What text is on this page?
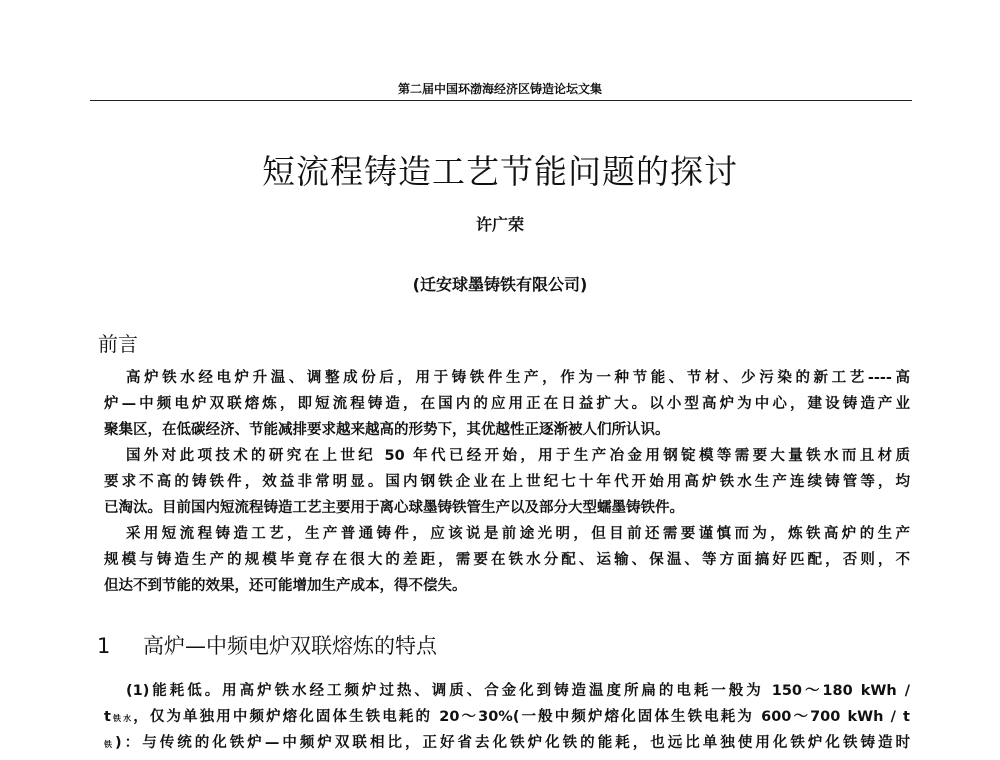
第二届中国环渤海经济区铸造论坛文集
短流程铸造工艺节能问题的探讨
许广荣
(迁安球墨铸铁有限公司)
前言
高炉铁水经电炉升温、调整成份后，用于铸铁件生产，作为一种节能、节材、少污染的新工艺----高
炉—中频电炉双联熔炼，即短流程铸造，在国内的应用正在日益扩大。以小型高炉为中心，建设铸造产业
聚集区，在低碳经济、节能减排要求越来越高的形势下，其优越性正逐渐被人们所认识。
国外对此项技术的研究在上世纪 50 年代已经开始，用于生产冶金用钢锭模等需要大量铁水而且材质
要求不高的铸铁件，效益非常明显。国内钢铁企业在上世纪七十年代开始用高炉铁水生产连续铸管等，均
已淘汰。目前国内短流程铸造工艺主要用于离心球墨铸铁管生产以及部分大型蠕墨铸铁件。
采用短流程铸造工艺，生产普通铸件，应该说是前途光明，但目前还需要谨慎而为，炼铁高炉的生产
规模与铸造生产的规模毕竟存在很大的差距，需要在铁水分配、运输、保温、等方面搞好匹配，否则，不
但达不到节能的效果，还可能增加生产成本，得不偿失。
1 高炉—中频电炉双联熔炼的特点
(1)能耗低。用高炉铁水经工频炉过热、调质、合金化到铸造温度所扁的电耗一般为 150～180 kWh /
t铁水，仅为单独用中频炉熔化固体生铁电耗的 20～30%(一般中频炉熔化固体生铁电耗为 600～700 kWh / t
铁)：与传统的化铁炉—中频炉双联相比，正好省去化铁炉化铁的能耗，也远比单独使用化铁炉化铁铸造时
